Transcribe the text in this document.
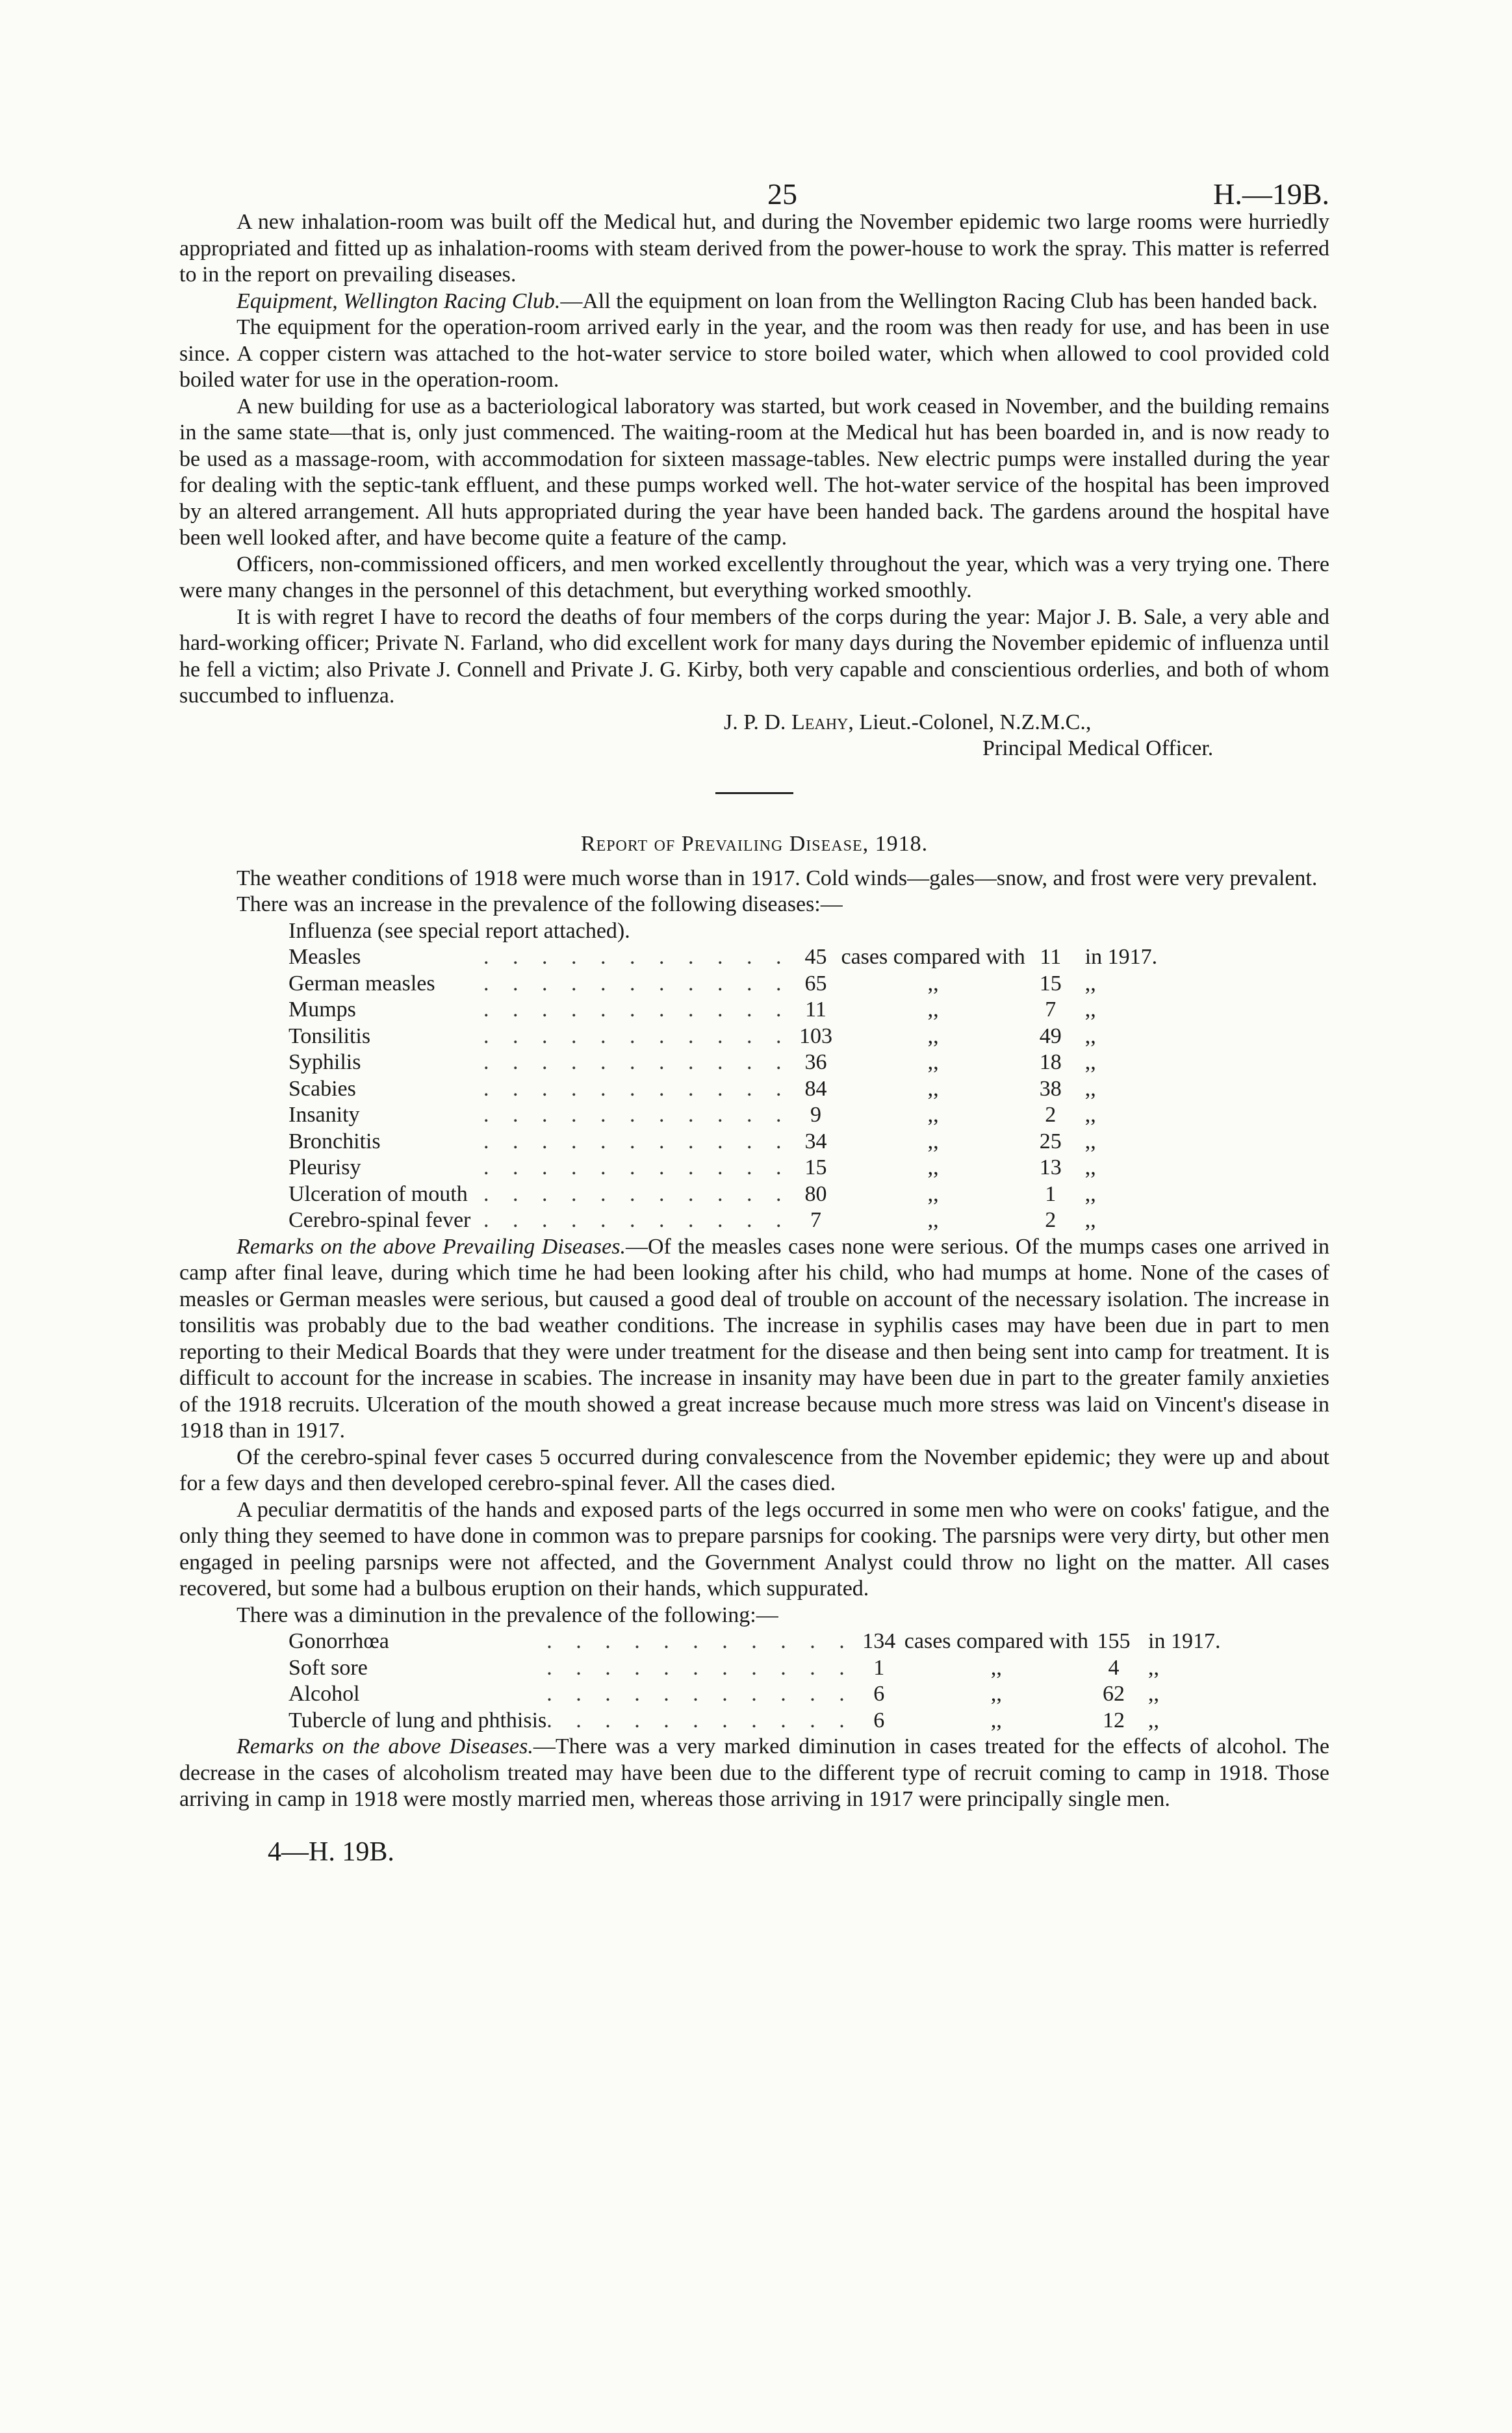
25	H.—19B.

A new inhalation-room was built off the Medical hut, and during the November epidemic two large rooms were hurriedly appropriated and fitted up as inhalation-rooms with steam derived from the power-house to work the spray. This matter is referred to in the report on prevailing diseases.

Equipment, Wellington Racing Club.—All the equipment on loan from the Wellington Racing Club has been handed back.

The equipment for the operation-room arrived early in the year, and the room was then ready for use, and has been in use since. A copper cistern was attached to the hot-water service to store boiled water, which when allowed to cool provided cold boiled water for use in the operation-room.

A new building for use as a bacteriological laboratory was started, but work ceased in November, and the building remains in the same state—that is, only just commenced. The waiting-room at the Medical hut has been boarded in, and is now ready to be used as a massage-room, with accommodation for sixteen massage-tables. New electric pumps were installed during the year for dealing with the septic-tank effluent, and these pumps worked well. The hot-water service of the hospital has been improved by an altered arrangement. All huts appropriated during the year have been handed back. The gardens around the hospital have been well looked after, and have become quite a feature of the camp.

Officers, non-commissioned officers, and men worked excellently throughout the year, which was a very trying one. There were many changes in the personnel of this detachment, but everything worked smoothly.

It is with regret I have to record the deaths of four members of the corps during the year: Major J. B. Sale, a very able and hard-working officer; Private N. Farland, who did excellent work for many days during the November epidemic of influenza until he fell a victim; also Private J. Connell and Private J. G. Kirby, both very capable and conscientious orderlies, and both of whom succumbed to influenza.

J. P. D. Leahy, Lieut.-Colonel, N.Z.M.C.,
Principal Medical Officer.
Report of Prevailing Disease, 1918.

The weather conditions of 1918 were much worse than in 1917. Cold winds—gales—snow, and frost were very prevalent.

There was an increase in the prevalence of the following diseases:—

Influenza (see special report attached).

Measles	. . . . . . . . . . .	45	cases compared with	11	in 1917.
German measles	. . . . . . . . . . .	65	,,	15	,,
Mumps	. . . . . . . . . . .	11	,,	7	,,
Tonsilitis	. . . . . . . . . . .	103	,,	49	,,
Syphilis	. . . . . . . . . . .	36	,,	18	,,
Scabies	. . . . . . . . . . .	84	,,	38	,,
Insanity	. . . . . . . . . . .	9	,,	2	,,
Bronchitis	. . . . . . . . . . .	34	,,	25	,,
Pleurisy	. . . . . . . . . . .	15	,,	13	,,
Ulceration of mouth	. . . . . . . . . . .	80	,,	1	,,
Cerebro-spinal fever	. . . . . . . . . . .	7	,,	2	,,

Remarks on the above Prevailing Diseases.—Of the measles cases none were serious. Of the mumps cases one arrived in camp after final leave, during which time he had been looking after his child, who had mumps at home. None of the cases of measles or German measles were serious, but caused a good deal of trouble on account of the necessary isolation. The increase in tonsilitis was probably due to the bad weather conditions. The increase in syphilis cases may have been due in part to men reporting to their Medical Boards that they were under treatment for the disease and then being sent into camp for treatment. It is difficult to account for the increase in scabies. The increase in insanity may have been due in part to the greater family anxieties of the 1918 recruits. Ulceration of the mouth showed a great increase because much more stress was laid on Vincent's disease in 1918 than in 1917.

Of the cerebro-spinal fever cases 5 occurred during convalescence from the November epidemic; they were up and about for a few days and then developed cerebro-spinal fever. All the cases died.

A peculiar dermatitis of the hands and exposed parts of the legs occurred in some men who were on cooks' fatigue, and the only thing they seemed to have done in common was to prepare parsnips for cooking. The parsnips were very dirty, but other men engaged in peeling parsnips were not affected, and the Government Analyst could throw no light on the matter. All cases recovered, but some had a bulbous eruption on their hands, which suppurated.

There was a diminution in the prevalence of the following:—

Gonorrhœa	. . . . . . . . . . .	134	cases compared with	155	in 1917.
Soft sore	. . . . . . . . . . .	1	,,	4	,,
Alcohol	. . . . . . . . . . .	6	,,	62	,,
Tubercle of lung and phthisis	. . . . . . . . . . .	6	,,	12	,,

Remarks on the above Diseases.—There was a very marked diminution in cases treated for the effects of alcohol. The decrease in the cases of alcoholism treated may have been due to the different type of recruit coming to camp in 1918. Those arriving in camp in 1918 were mostly married men, whereas those arriving in 1917 were principally single men.

4—H. 19B.
